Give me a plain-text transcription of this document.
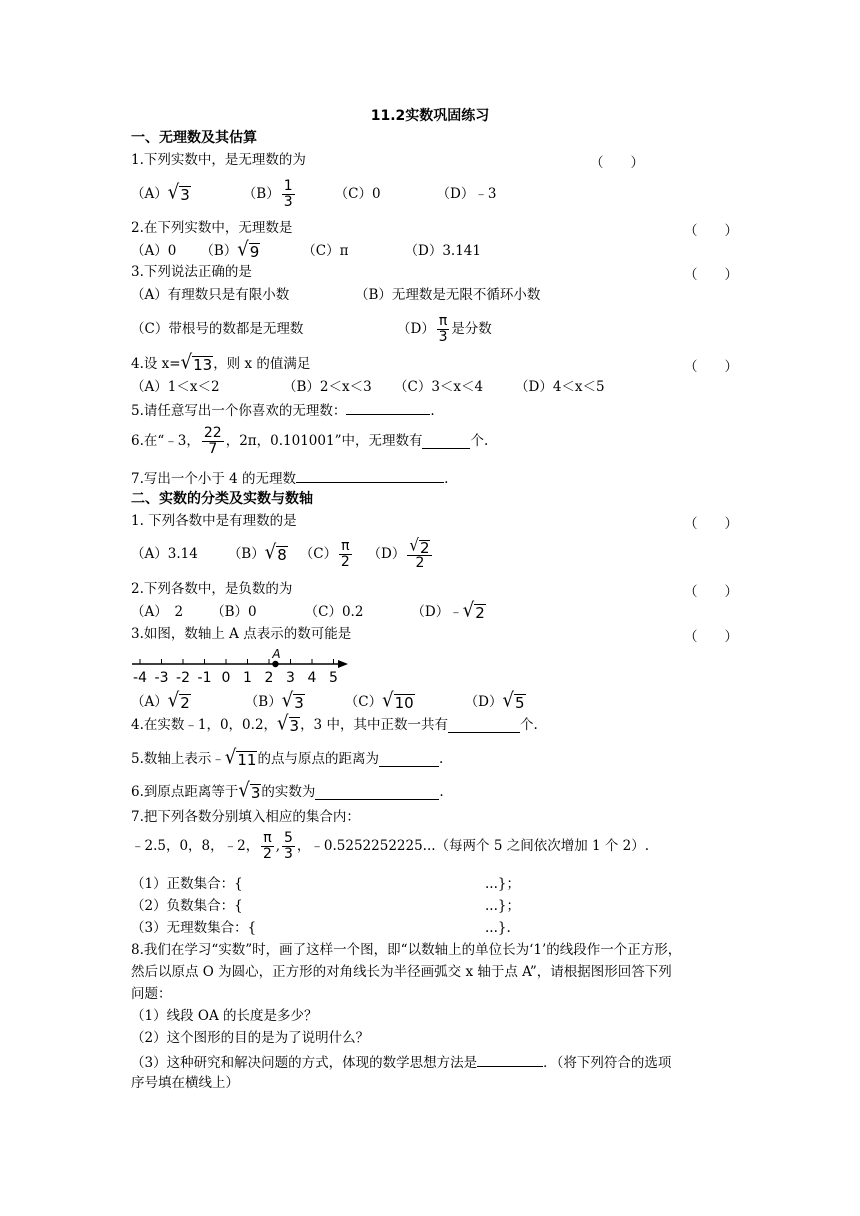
11.2实数巩固练习
一、无理数及其估算
1.下列实数中，是无理数的为	（　　）
（A） √ 3	$(B) \frac{1}{3}$	（C）0	（D）﹣3
2.在下列实数中，无理数是	（　　）
（A）0 （B） √ 9	（C）π	（D）3.141
3.下列说法正确的是	（　　）
（A）有理数只是有限小数	（B）无理数是无限不循环小数
（C）带根号的数都是无理数	$(D) \frac{\pi}{3}$ 是分数
4.设 x= √ 13 ，则 x 的值满足	（　　）
（A）1＜x＜2	（B）2＜x＜3 （C）3＜x＜4 （D）4＜x＜5
5.请任意写出一个你喜欢的无理数：	.
6.在“﹣3， $\frac{22}{7}$ ，2π，0.101001”中，无理数有	个.
7.写出一个小于 4 的无理数	.
二、实数的分类及实数与数轴
1. 下列各数中是有理数的是	（　　）
（A）3.14 （B） √ 8 $(C) \frac{\pi}{2} (D) \frac{√ 2}{2}$
2.下列各数中，是负数的为	（　　）
（A）　2 （B）0	（C）0.2	（D）﹣ √ 2
3.如图，数轴上 A 点表示的数可能是	（　　）
-4 -3 -2 -1 0 1 2 3 4 5
A
（A） √ 2	（B） √ 3	（C） √ 10	（D） √ 5
4.在实数﹣1，0，0.2， √ 3 ，3 中，其中正数一共有	个.
5.数轴上表示﹣ √ 11 的点与原点的距离为	.
6.到原点距离等于 √ 3 的实数为	.
7.把下列各数分别填入相应的集合内：
﹣2.5，0，8，﹣2， $\frac{\pi}{2}$ , $\frac{5}{3}$ ，﹣0.5252252225...（每两个 5 之间依次增加 1 个 2）.
（1）正数集合：{	...}；
（2）负数集合：{	...}；
（3）无理数集合：{	...}.
8.我们在学习“实数”时，画了这样一个图，即“以数轴上的单位长为‘1’的线段作一个正方形，
然后以原点 O 为圆心，正方形的对角线长为半径画弧交 x 轴于点 A”，请根据图形回答下列
问题：
（1）线段 OA 的长度是多少？
（2）这个图形的目的是为了说明什么？
（3）这种研究和解决问题的方式，体现的数学思想方法是	．（将下列符合的选项
序号填在横线上）
